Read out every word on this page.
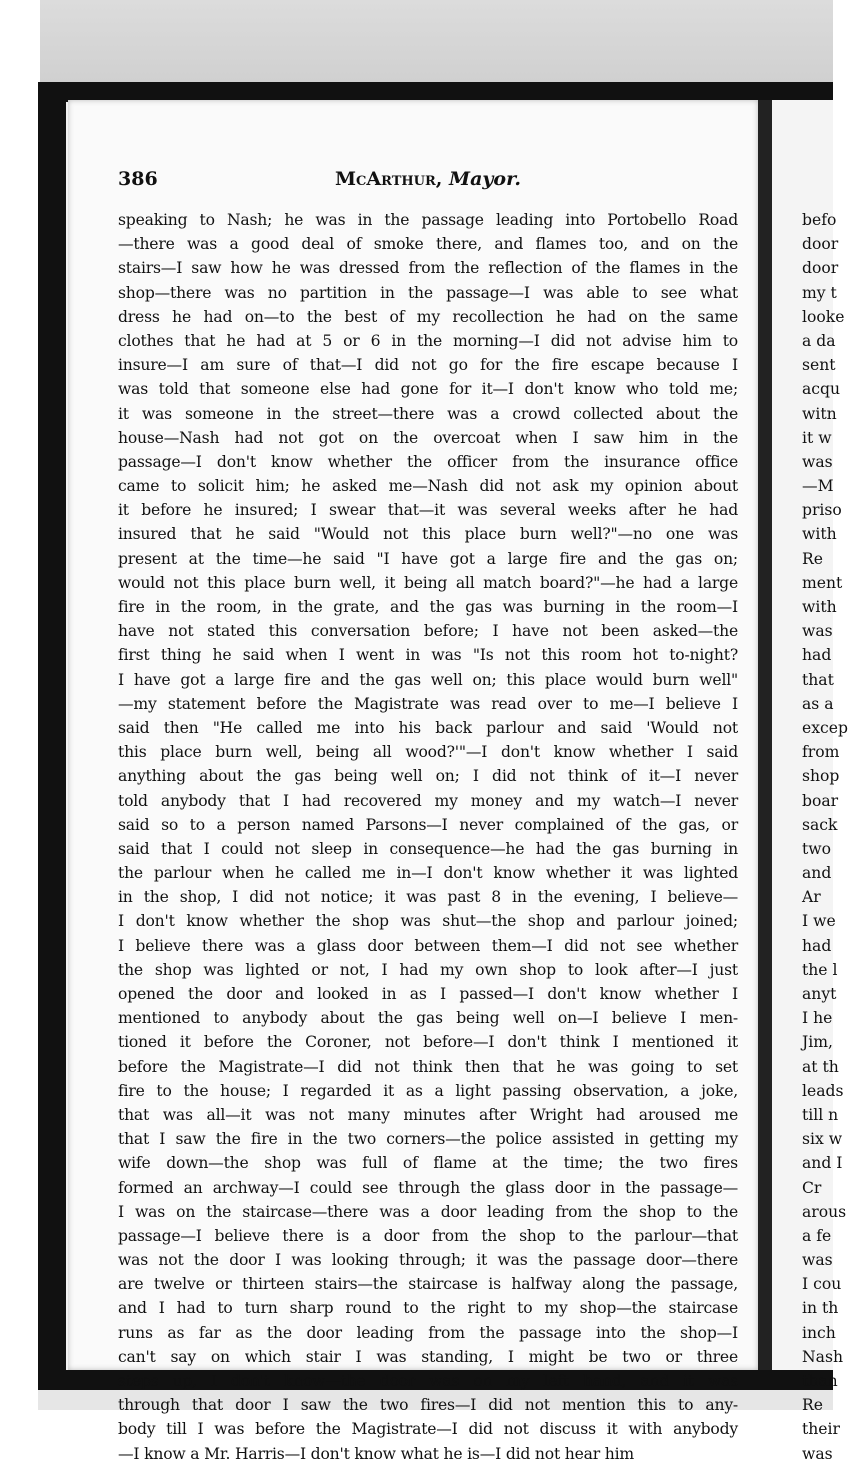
befo
door
door
my t
looke
a da
sent
acqu
witn
it w
was
—M
priso
with
Re
ment
with
was
had
that
as a
excep
from
shop
boar
sack
two
and
Ar
I we
had
the l
anyt
I he
Jim,
at th
leads
till n
six w
and I
Cr
arous
a fe
was
I cou
in th
inch
Nash
than
Re
their
was
386	McArthur, Mayor.
speaking to Nash; he was in the passage leading into Portobello Road
—there was a good deal of smoke there, and flames too, and on the
stairs—I saw how he was dressed from the reflection of the flames in the
shop—there was no partition in the passage—I was able to see what
dress he had on—to the best of my recollection he had on the same
clothes that he had at 5 or 6 in the morning—I did not advise him to
insure—I am sure of that—I did not go for the fire escape because I
was told that someone else had gone for it—I don't know who told me;
it was someone in the street—there was a crowd collected about the
house—Nash had not got on the overcoat when I saw him in the
passage—I don't know whether the officer from the insurance office
came to solicit him; he asked me—Nash did not ask my opinion about
it before he insured; I swear that—it was several weeks after he had
insured that he said "Would not this place burn well?"—no one was
present at the time—he said "I have got a large fire and the gas on;
would not this place burn well, it being all match board?"—he had a large
fire in the room, in the grate, and the gas was burning in the room—I
have not stated this conversation before; I have not been asked—the
first thing he said when I went in was "Is not this room hot to-night?
I have got a large fire and the gas well on; this place would burn well"
—my statement before the Magistrate was read over to me—I believe I
said then "He called me into his back parlour and said 'Would not
this place burn well, being all wood?'"—I don't know whether I said
anything about the gas being well on; I did not think of it—I never
told anybody that I had recovered my money and my watch—I never
said so to a person named Parsons—I never complained of the gas, or
said that I could not sleep in consequence—he had the gas burning in
the parlour when he called me in—I don't know whether it was lighted
in the shop, I did not notice; it was past 8 in the evening, I believe—
I don't know whether the shop was shut—the shop and parlour joined;
I believe there was a glass door between them—I did not see whether
the shop was lighted or not, I had my own shop to look after—I just
opened the door and looked in as I passed—I don't know whether I
mentioned to anybody about the gas being well on—I believe I men-
tioned it before the Coroner, not before—I don't think I mentioned it
before the Magistrate—I did not think then that he was going to set
fire to the house; I regarded it as a light passing observation, a joke,
that was all—it was not many minutes after Wright had aroused me
that I saw the fire in the two corners—the police assisted in getting my
wife down—the shop was full of flame at the time; the two fires
formed an archway—I could see through the glass door in the passage—
I was on the staircase—there was a door leading from the shop to the
passage—I believe there is a door from the shop to the parlour—that
was not the door I was looking through; it was the passage door—there
are twelve or thirteen stairs—the staircase is halfway along the passage,
and I had to turn sharp round to the right to my shop—the staircase
runs as far as the door leading from the passage into the shop—I
can't say on which stair I was standing, I might be two or three
steps up, I don't know—the door was on my left hand, and it was
through that door I saw the two fires—I did not mention this to any-
body till I was before the Magistrate—I did not discuss it with anybody
—I know a Mr. Harris—I don't know what he is—I did not hear him
